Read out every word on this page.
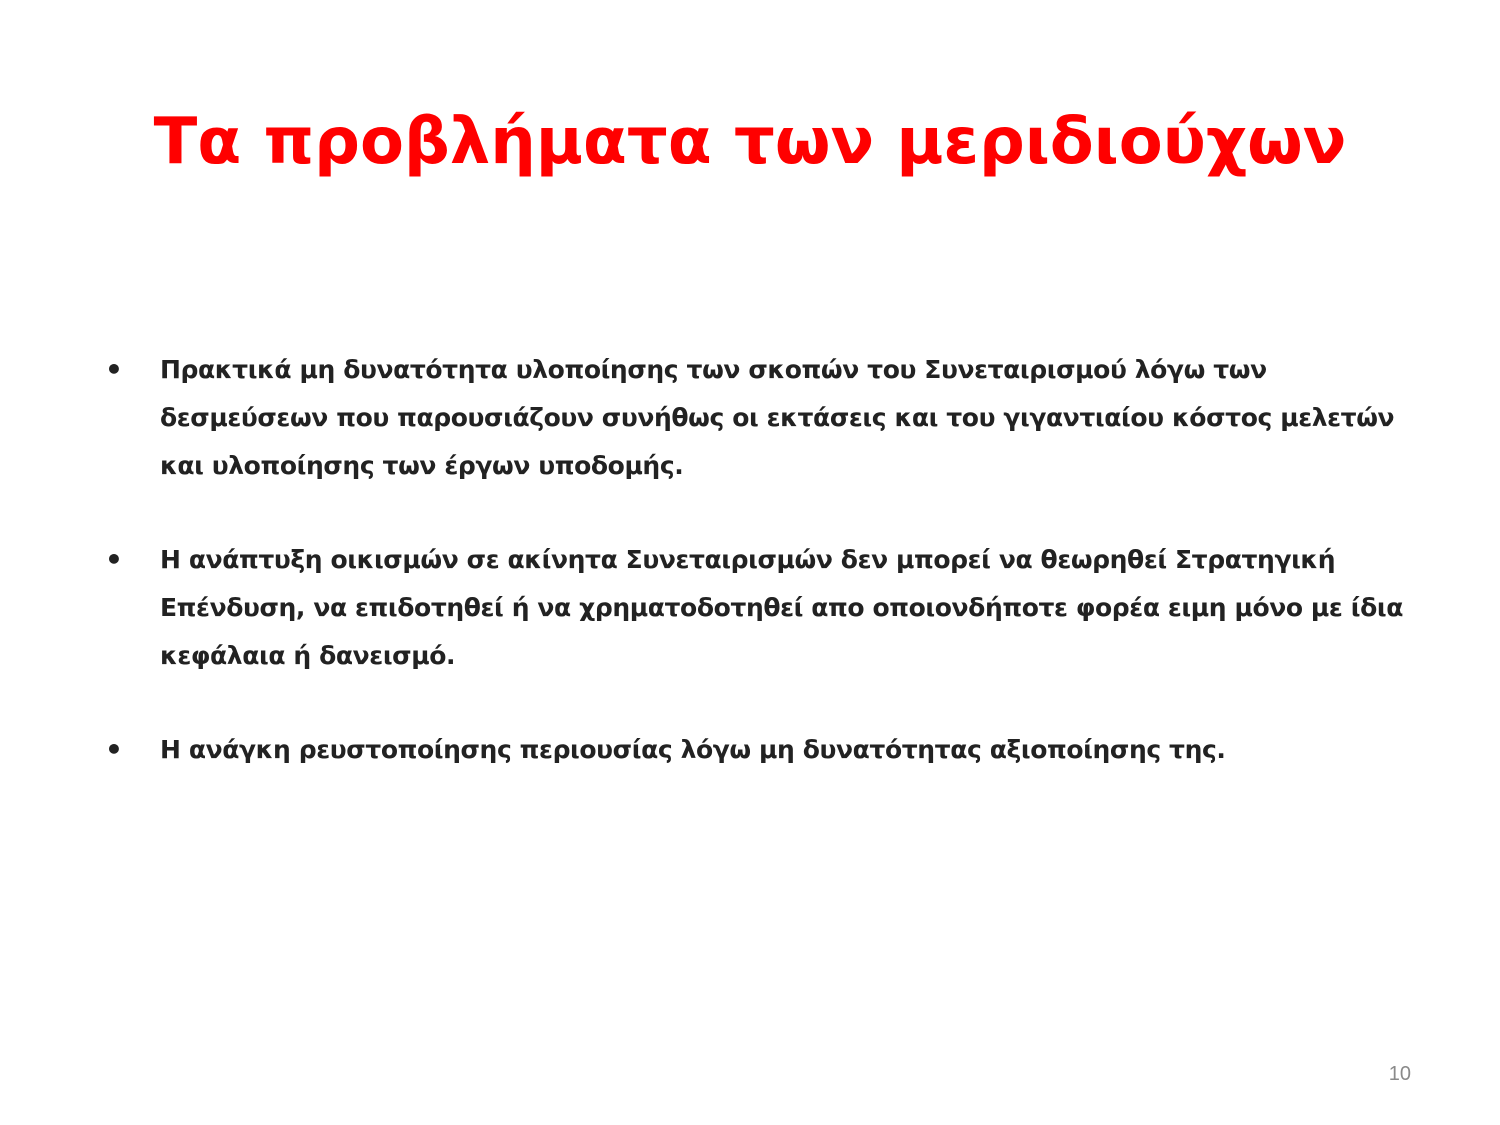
Τα προβλήματα των μεριδιούχων
• Πρακτικά μη δυνατότητα υλοποίησης των σκοπών του Συνεταιρισμού λόγω των δεσμεύσεων που παρουσιάζουν συνήθως οι εκτάσεις και του γιγαντιαίου κόστος μελετών και υλοποίησης των έργων υποδομής.
• Η ανάπτυξη οικισμών σε ακίνητα Συνεταιρισμών δεν μπορεί να θεωρηθεί Στρατηγική Επένδυση, να επιδοτηθεί ή να χρηματοδοτηθεί απο οποιονδήποτε φορέα ειμη μόνο με ίδια κεφάλαια ή δανεισμό.
• Η ανάγκη ρευστοποίησης περιουσίας λόγω μη δυνατότητας αξιοποίησης της.
10
